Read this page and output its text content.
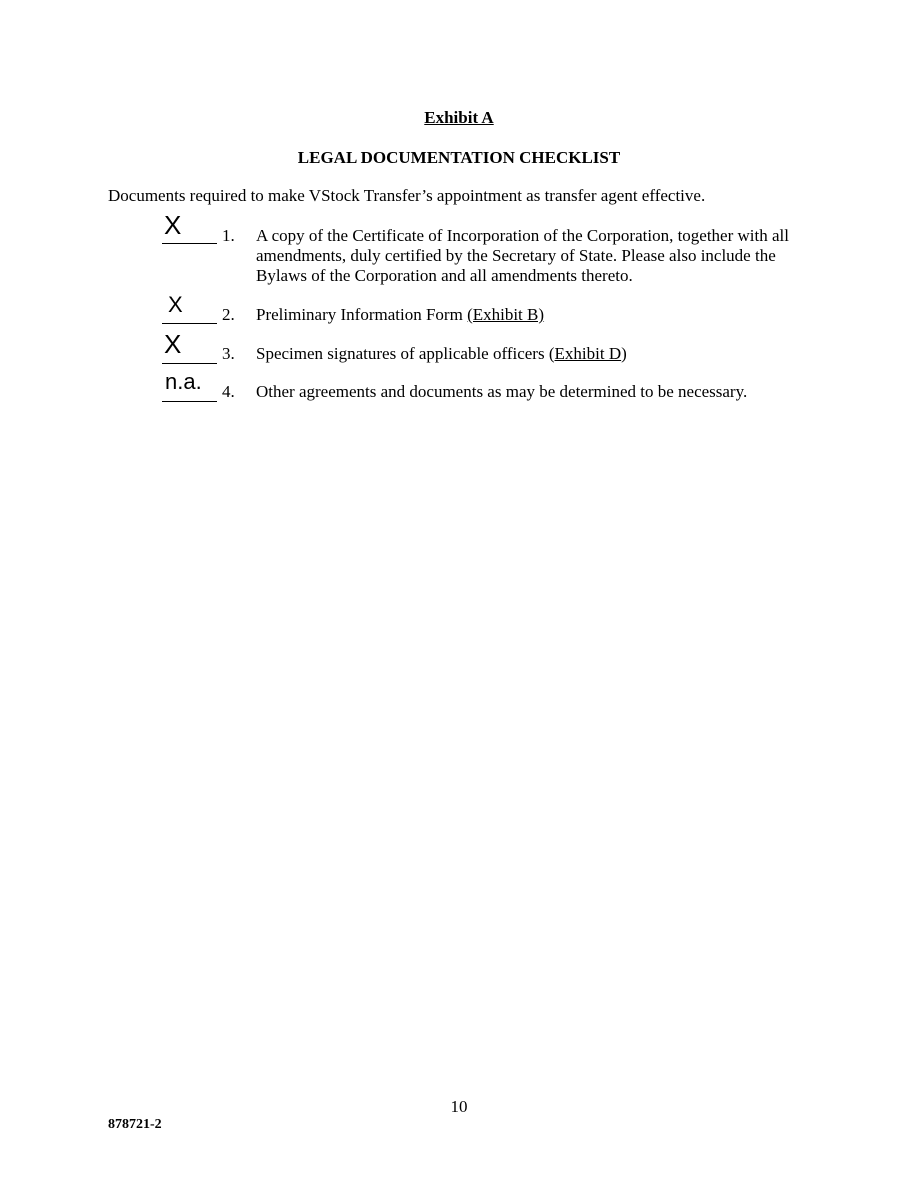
Exhibit A
LEGAL DOCUMENTATION CHECKLIST
Documents required to make VStock Transfer’s appointment as transfer agent effective.
X	1. A copy of the Certificate of Incorporation of the Corporation, together with all amendments, duly certified by the Secretary of State. Please also include the Bylaws of the Corporation and all amendments thereto.
X	2. Preliminary Information Form (Exhibit B)
X	3. Specimen signatures of applicable officers (Exhibit D)
n.a.	4. Other agreements and documents as may be determined to be necessary.
10
878721-2
